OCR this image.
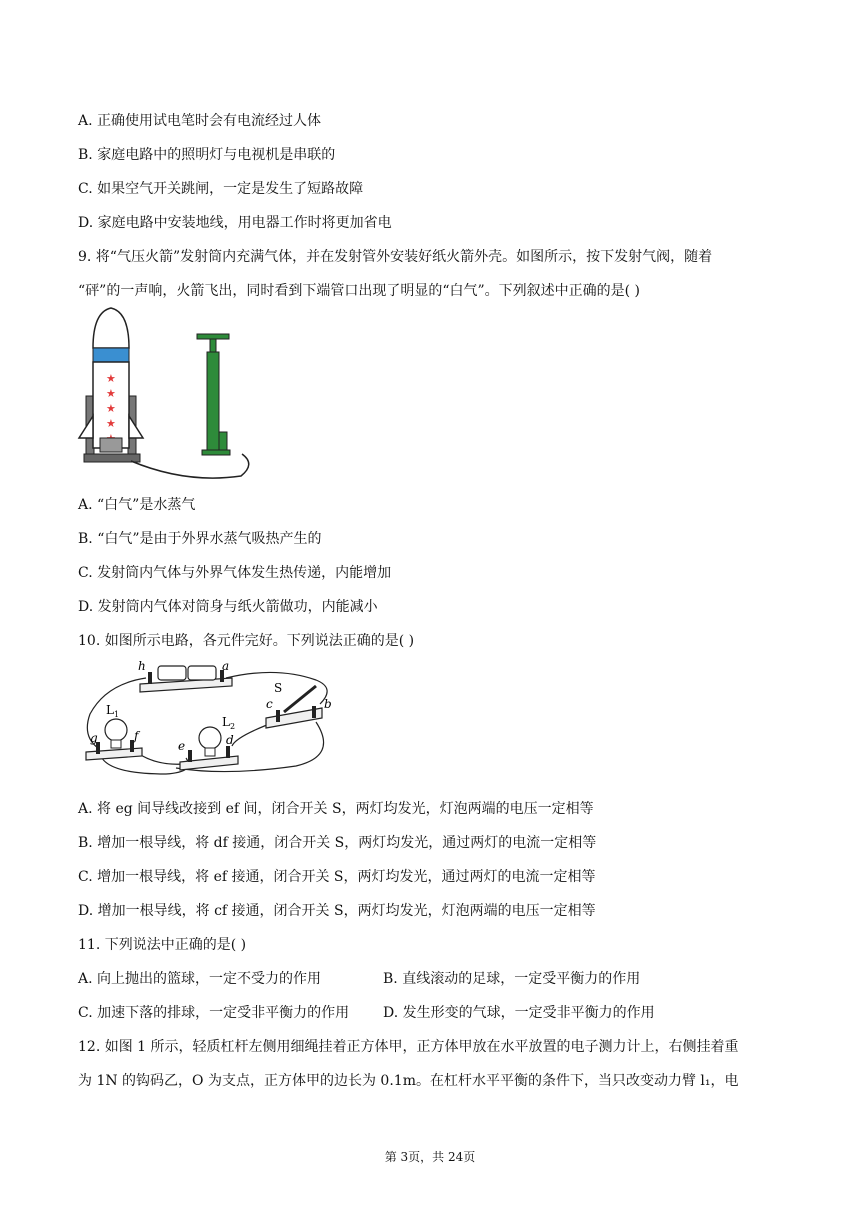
A. 正确使用试电笔时会有电流经过人体
B. 家庭电路中的照明灯与电视机是串联的
C. 如果空气开关跳闸，一定是发生了短路故障
D. 家庭电路中安装地线，用电器工作时将更加省电
9. 将“气压火箭”发射筒内充满气体，并在发射管外安装好纸火箭外壳。如图所示，按下发射气阀，随着
“砰”的一声响，火箭飞出，同时看到下端管口出现了明显的“白气”。下列叙述中正确的是( )
★
★
★
★
A. “白气”是水蒸气
B. “白气”是由于外界水蒸气吸热产生的
C. 发射筒内气体与外界气体发生热传递，内能增加
D. 发射筒内气体对筒身与纸火箭做功，内能减小
10. 如图所示电路，各元件完好。下列说法正确的是( )
h	a
S
c	b
$L_1$
g	f
$L_2$
e	d
A. 将 eg 间导线改接到 ef 间，闭合开关 S，两灯均发光，灯泡两端的电压一定相等
B. 增加一根导线，将 df 接通，闭合开关 S，两灯均发光，通过两灯的电流一定相等
C. 增加一根导线，将 ef 接通，闭合开关 S，两灯均发光，通过两灯的电流一定相等
D. 增加一根导线，将 cf 接通，闭合开关 S，两灯均发光，灯泡两端的电压一定相等
11. 下列说法中正确的是( )
A. 向上抛出的篮球，一定不受力的作用	B. 直线滚动的足球，一定受平衡力的作用
C. 加速下落的排球，一定受非平衡力的作用 D. 发生形变的气球，一定受非平衡力的作用
12. 如图 1 所示，轻质杠杆左侧用细绳挂着正方体甲，正方体甲放在水平放置的电子测力计上，右侧挂着重
为 1N 的钩码乙，O 为支点，正方体甲的边长为 0.1m。在杠杆水平平衡的条件下，当只改变动力臂 l₁，电
第 3页，共 24页
